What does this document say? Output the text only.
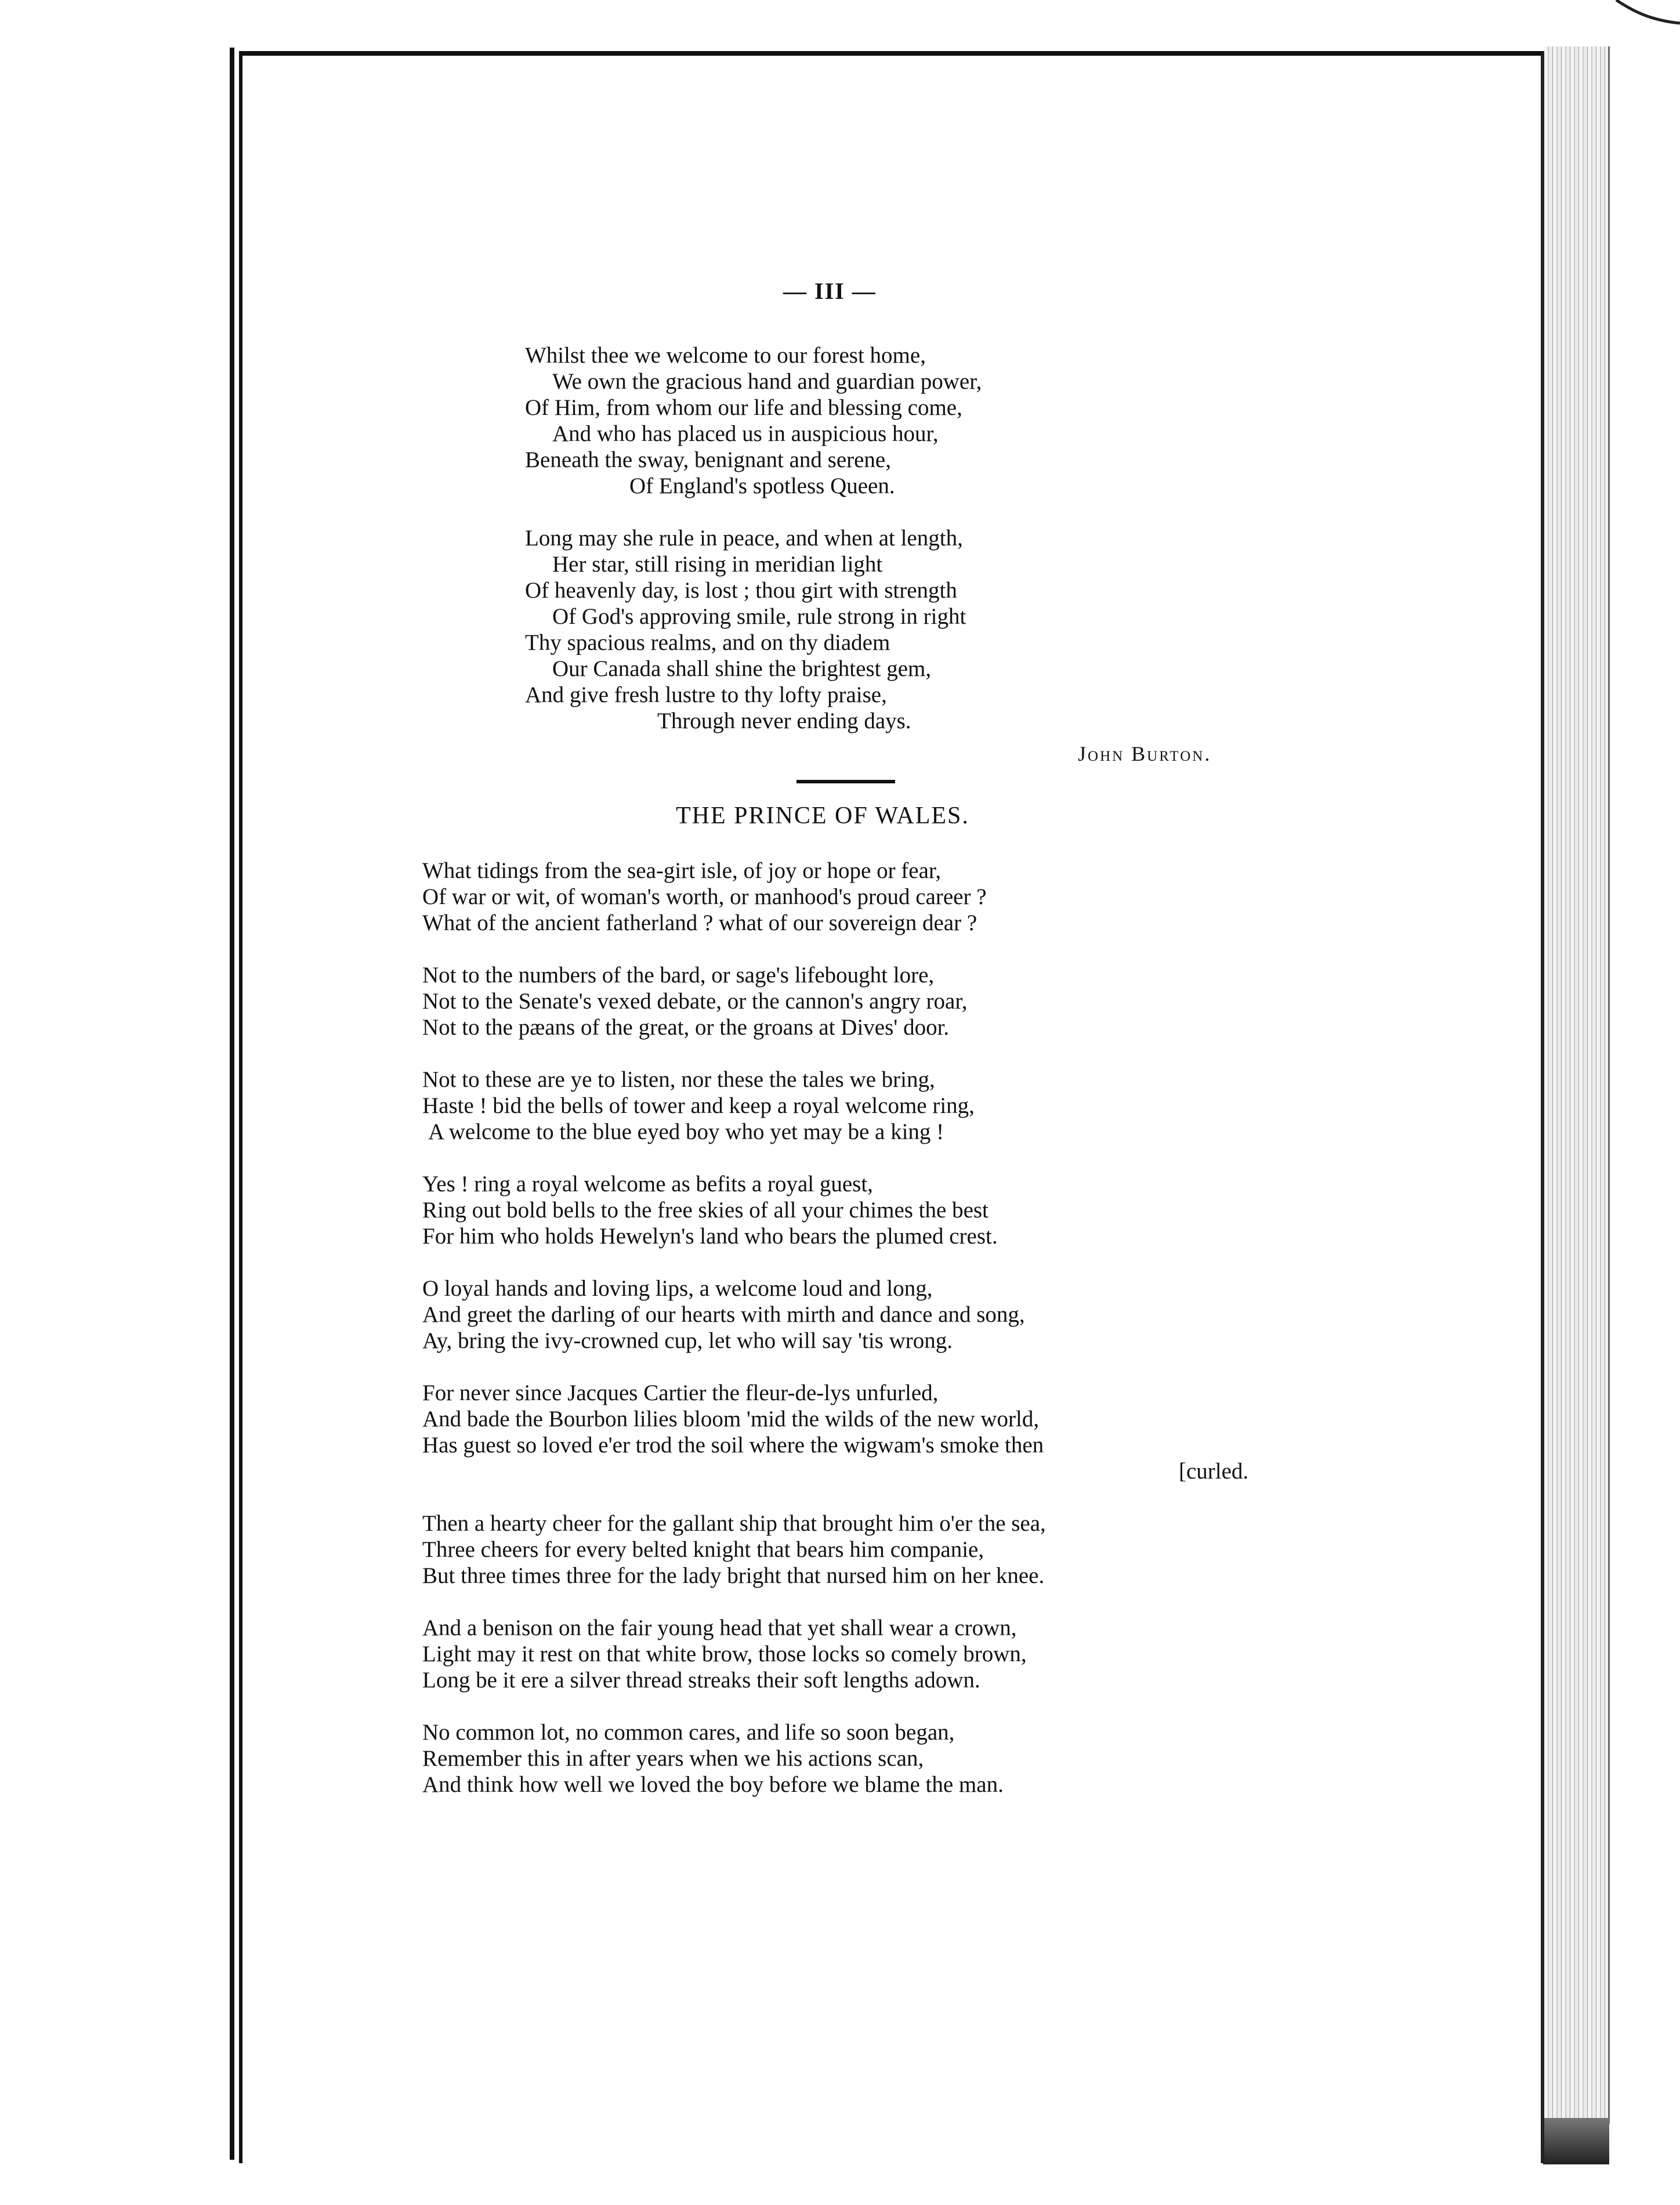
— III —
Whilst thee we welcome to our forest home,
We own the gracious hand and guardian power,
Of Him, from whom our life and blessing come,
And who has placed us in auspicious hour,
Beneath the sway, benignant and serene,
Of England's spotless Queen.
Long may she rule in peace, and when at length,
Her star, still rising in meridian light
Of heavenly day, is lost ; thou girt with strength
Of God's approving smile, rule strong in right
Thy spacious realms, and on thy diadem
Our Canada shall shine the brightest gem,
And give fresh lustre to thy lofty praise,
Through never ending days.
John Burton.
THE PRINCE OF WALES.
What tidings from the sea-girt isle, of joy or hope or fear,
Of war or wit, of woman's worth, or manhood's proud career ?
What of the ancient fatherland ? what of our sovereign dear ?
Not to the numbers of the bard, or sage's lifebought lore,
Not to the Senate's vexed debate, or the cannon's angry roar,
Not to the pæans of the great, or the groans at Dives' door.
Not to these are ye to listen, nor these the tales we bring,
Haste ! bid the bells of tower and keep a royal welcome ring,
A welcome to the blue eyed boy who yet may be a king !
Yes ! ring a royal welcome as befits a royal guest,
Ring out bold bells to the free skies of all your chimes the best
For him who holds Hewelyn's land who bears the plumed crest.
O loyal hands and loving lips, a welcome loud and long,
And greet the darling of our hearts with mirth and dance and song,
Ay, bring the ivy-crowned cup, let who will say 'tis wrong.
For never since Jacques Cartier the fleur-de-lys unfurled,
And bade the Bourbon lilies bloom 'mid the wilds of the new world,
Has guest so loved e'er trod the soil where the wigwam's smoke then
[curled.
Then a hearty cheer for the gallant ship that brought him o'er the sea,
Three cheers for every belted knight that bears him companie,
But three times three for the lady bright that nursed him on her knee.
And a benison on the fair young head that yet shall wear a crown,
Light may it rest on that white brow, those locks so comely brown,
Long be it ere a silver thread streaks their soft lengths adown.
No common lot, no common cares, and life so soon began,
Remember this in after years when we his actions scan,
And think how well we loved the boy before we blame the man.
